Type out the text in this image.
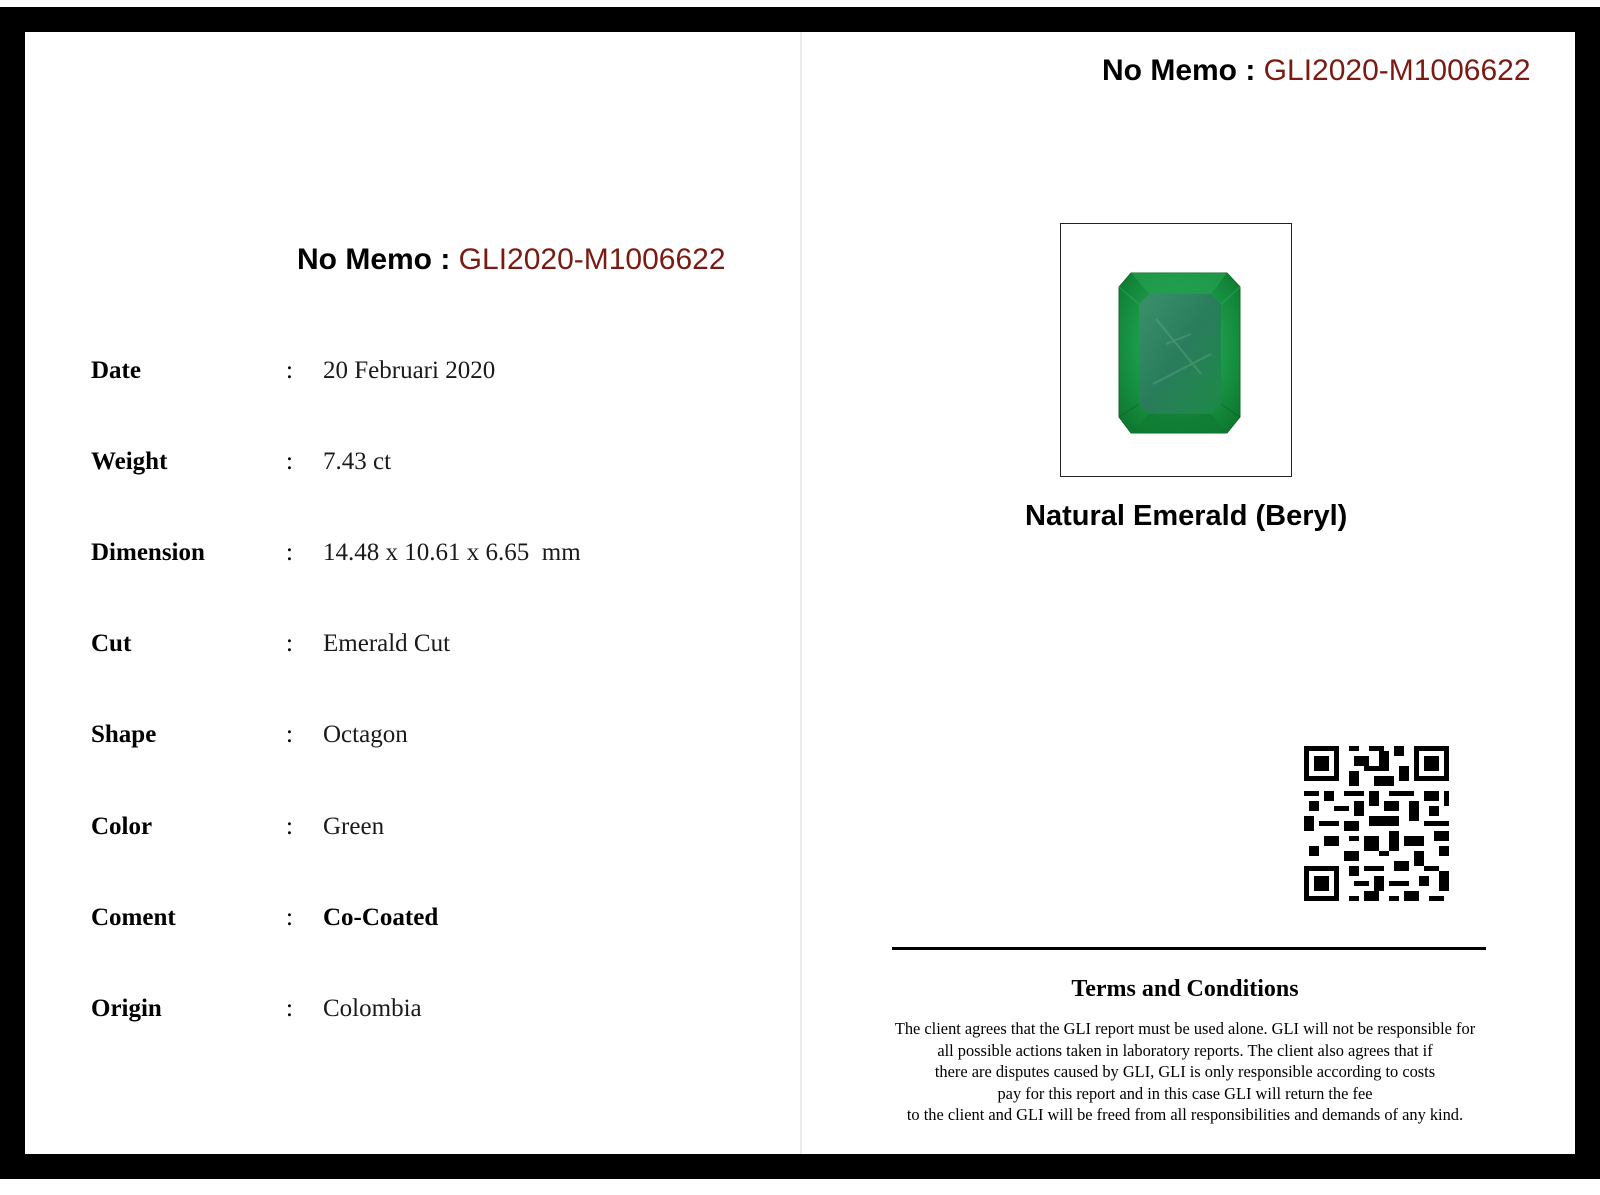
No Memo : GLI2020-M1006622
Date	: 20 Februari 2020
Weight	: 7.43 ct
Dimension	: 14.48 x 10.61 x 6.65  mm
Cut	: Emerald Cut
Shape	: Octagon
Color	: Green
Coment	: Co-Coated
Origin	: Colombia
No Memo : GLI2020-M1006622
Natural Emerald (Beryl)
Terms and Conditions
The client agrees that the GLI report must be used alone. GLI will not be responsible for
all possible actions taken in laboratory reports. The client also agrees that if
there are disputes caused by GLI, GLI is only responsible according to costs
pay for this report and in this case GLI will return the fee
to the client and GLI will be freed from all responsibilities and demands of any kind.
